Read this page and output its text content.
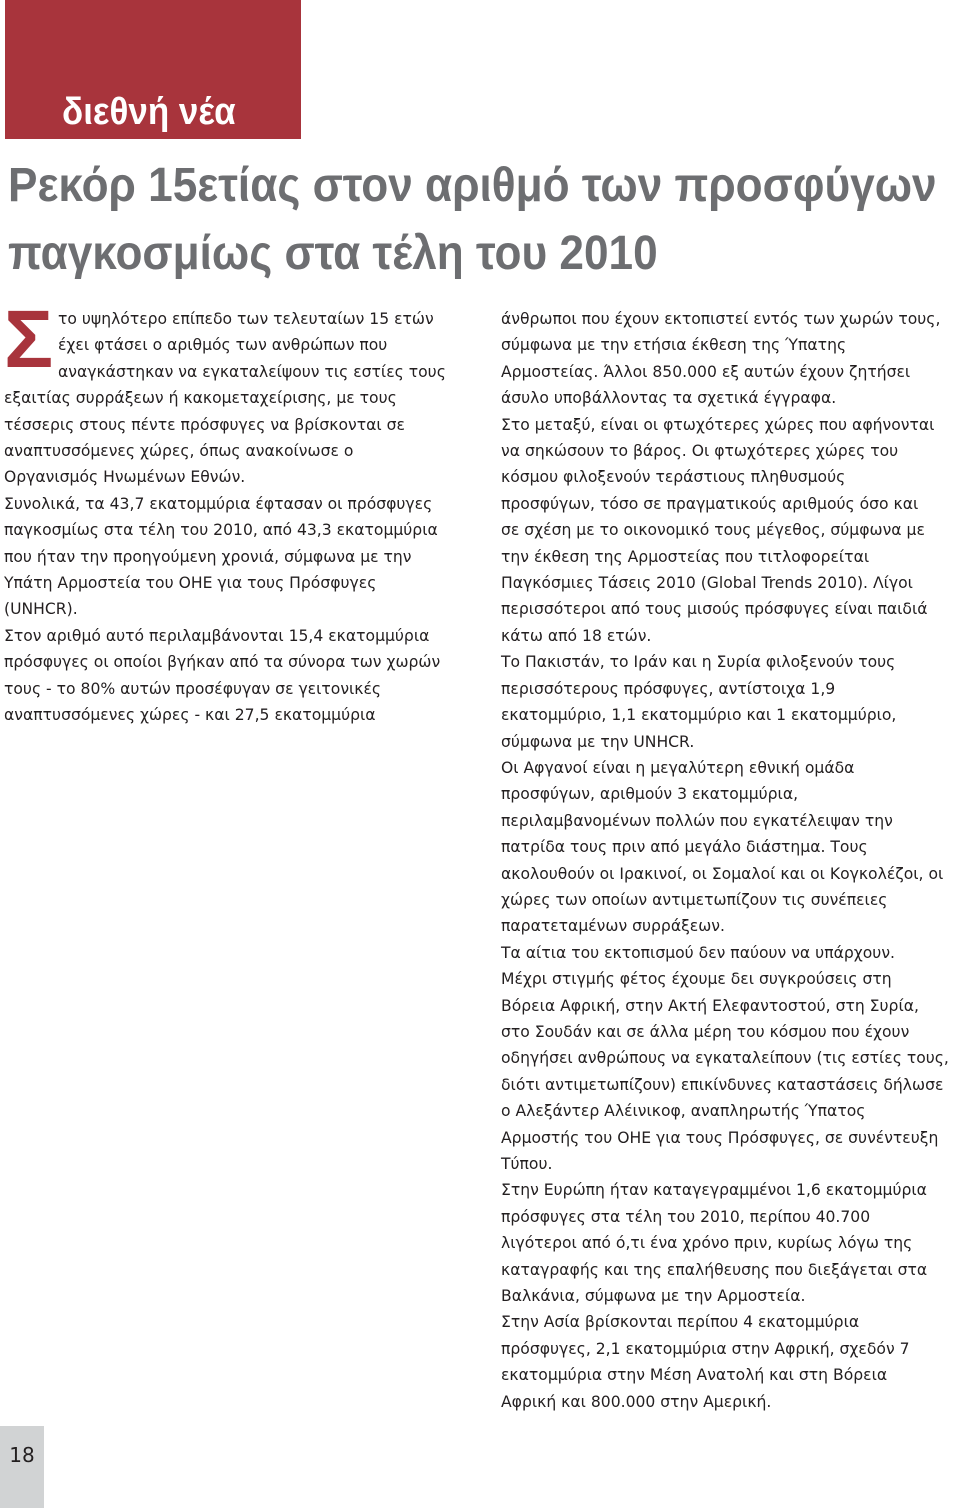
διεθνή νέα

Ρεκόρ 15ετίας στον αριθμό των προσφύγων
παγκοσμίως στα τέλη του 2010

Σ το υψηλότερο επίπεδο των τελευταίων 15 ετών

έχει φτάσει ο αριθμός των ανθρώπων που

αναγκάστηκαν να εγκαταλείψουν τις εστίες τους

εξαιτίας συρράξεων ή κακομεταχείρισης, με τους

τέσσερις στους πέντε πρόσφυγες να βρίσκονται σε

αναπτυσσόμενες χώρες, όπως ανακοίνωσε ο

Οργανισμός Ηνωμένων Εθνών.

Συνολικά, τα 43,7 εκατομμύρια έφτασαν οι πρόσφυγες

παγκοσμίως στα τέλη του 2010, από 43,3 εκατομμύρια

που ήταν την προηγούμενη χρονιά, σύμφωνα με την

Υπάτη Αρμοστεία του ΟΗΕ για τους Πρόσφυγες

(UNHCR).

Στον αριθμό αυτό περιλαμβάνονται 15,4 εκατομμύρια

πρόσφυγες οι οποίοι βγήκαν από τα σύνορα των χωρών

τους - το 80% αυτών προσέφυγαν σε γειτονικές

αναπτυσσόμενες χώρες - και 27,5 εκατομμύρια

άνθρωποι που έχουν εκτοπιστεί εντός των χωρών τους,

σύμφωνα με την ετήσια έκθεση της Ύπατης

Αρμοστείας. Άλλοι 850.000 εξ αυτών έχουν ζητήσει

άσυλο υποβάλλοντας τα σχετικά έγγραφα.

Στο μεταξύ, είναι οι φτωχότερες χώρες που αφήνονται

να σηκώσουν το βάρος. Οι φτωχότερες χώρες του

κόσμου φιλοξενούν τεράστιους πληθυσμούς

προσφύγων, τόσο σε πραγματικούς αριθμούς όσο και

σε σχέση με το οικονομικό τους μέγεθος, σύμφωνα με

την έκθεση της Αρμοστείας που τιτλοφορείται

Παγκόσμιες Τάσεις 2010 (Global Trends 2010). Λίγοι

περισσότεροι από τους μισούς πρόσφυγες είναι παιδιά

κάτω από 18 ετών.

Το Πακιστάν, το Ιράν και η Συρία φιλοξενούν τους

περισσότερους πρόσφυγες, αντίστοιχα 1,9

εκατομμύριο, 1,1 εκατομμύριο και 1 εκατομμύριο,

σύμφωνα με την UNHCR.

Οι Αφγανοί είναι η μεγαλύτερη εθνική ομάδα

προσφύγων, αριθμούν 3 εκατομμύρια,

περιλαμβανομένων πολλών που εγκατέλειψαν την

πατρίδα τους πριν από μεγάλο διάστημα. Τους

ακολουθούν οι Ιρακινοί, οι Σομαλοί και οι Κογκολέζοι, οι

χώρες των οποίων αντιμετωπίζουν τις συνέπειες

παρατεταμένων συρράξεων.

Τα αίτια του εκτοπισμού δεν παύουν να υπάρχουν.

Μέχρι στιγμής φέτος έχουμε δει συγκρούσεις στη

Βόρεια Αφρική, στην Ακτή Ελεφαντοστού, στη Συρία,

στο Σουδάν και σε άλλα μέρη του κόσμου που έχουν

οδηγήσει ανθρώπους να εγκαταλείπουν (τις εστίες τους,

διότι αντιμετωπίζουν) επικίνδυνες καταστάσεις δήλωσε

ο Αλεξάντερ Αλέινικοφ, αναπληρωτής Ύπατος

Αρμοστής του ΟΗΕ για τους Πρόσφυγες, σε συνέντευξη

Τύπου.

Στην Ευρώπη ήταν καταγεγραμμένοι 1,6 εκατομμύρια

πρόσφυγες στα τέλη του 2010, περίπου 40.700

λιγότεροι από ό,τι ένα χρόνο πριν, κυρίως λόγω της

καταγραφής και της επαλήθευσης που διεξάγεται στα

Βαλκάνια, σύμφωνα με την Αρμοστεία.

Στην Ασία βρίσκονται περίπου 4 εκατομμύρια

πρόσφυγες, 2,1 εκατομμύρια στην Αφρική, σχεδόν 7

εκατομμύρια στην Μέση Ανατολή και στη Βόρεια

Αφρική και 800.000 στην Αμερική.

18
